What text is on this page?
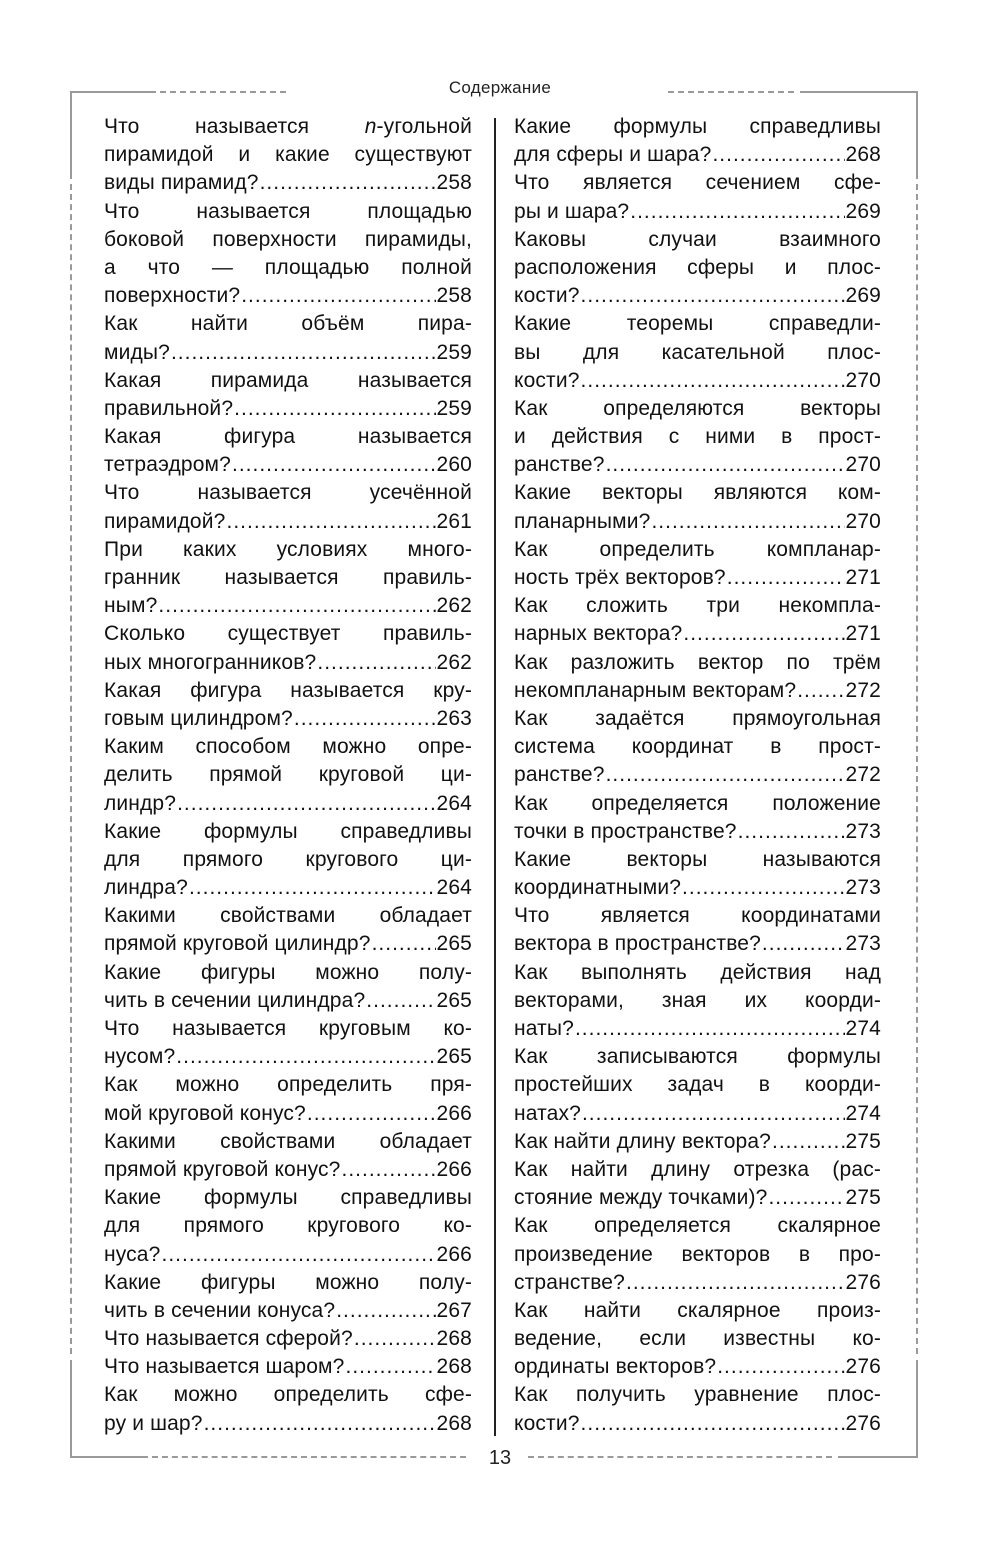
Содержание
Что называется n-угольной
пирамидой и какие существуют
виды пирамид? .....	258
Что называется площадью
боковой поверхности пирамиды,
а что — площадью полной
поверхности? .....	258
Как найти объём пира-
миды? .....	259
Какая пирамида называется
правильной? .....	259
Какая фигура называется
тетраэдром? .....	260
Что называется усечённой
пирамидой? .....	261
При каких условиях много-
гранник называется правиль-
ным? .....	262
Сколько существует правиль-
ных многогранников? .....	262
Какая фигура называется кру-
говым цилиндром? .....	263
Каким способом можно опре-
делить прямой круговой ци-
линдр? .....	264
Какие формулы справедливы
для прямого кругового ци-
линдра? .....	264
Какими свойствами обладает
прямой круговой цилиндр? .....	265
Какие фигуры можно полу-
чить в сечении цилиндра? .....	265
Что называется круговым ко-
нусом? .....	265
Как можно определить пря-
мой круговой конус? .....	266
Какими свойствами обладает
прямой круговой конус? .....	266
Какие формулы справедливы
для прямого кругового ко-
нуса? .....	266
Какие фигуры можно полу-
чить в сечении конуса? .....	267
Что называется сферой? .....	268
Что называется шаром? .....	268
Как можно определить сфе-
ру и шар? .....	268
Какие формулы справедливы
для сферы и шара? .....	268
Что является сечением сфе-
ры и шара? .....	269
Каковы случаи взаимного
расположения сферы и плос-
кости? .....	269
Какие теоремы справедли-
вы для касательной плос-
кости? .....	270
Как определяются векторы
и действия с ними в прост-
ранстве? .....	270
Какие векторы являются ком-
планарными? .....	270
Как определить компланар-
ность трёх векторов? .....	271
Как сложить три некомпла-
нарных вектора? .....	271
Как разложить вектор по трём
некомпланарным векторам? ..... 272
Как задаётся прямоугольная
система координат в прост-
ранстве? .....	272
Как определяется положение
точки в пространстве? .....	273
Какие векторы называются
координатными? .....	273
Что является координатами
вектора в пространстве? .....	273
Как выполнять действия над
векторами, зная их коорди-
наты? .....	274
Как записываются формулы
простейших задач в коорди-
натах? .....	274
Как найти длину вектора? .....	275
Как найти длину отрезка (рас-
стояние между точками)? .....	275
Как определяется скалярное
произведение векторов в про-
странстве? .....	276
Как найти скалярное произ-
ведение, если известны ко-
ординаты векторов? .....	276
Как получить уравнение плос-
кости? .....	276
13
